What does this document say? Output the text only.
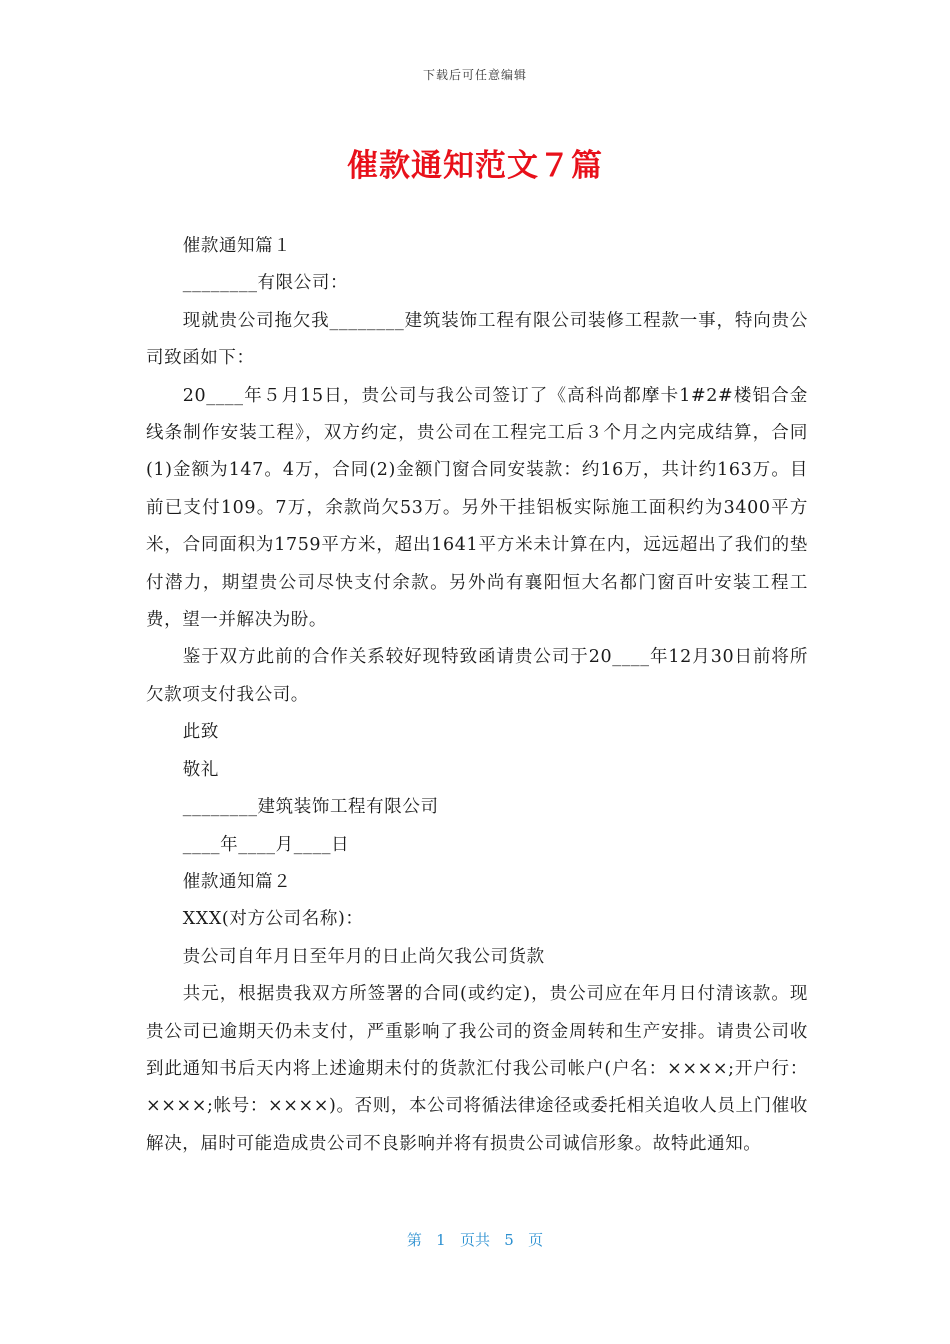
下载后可任意编辑
催款通知范文７篇

催款通知篇１

________有限公司：

现就贵公司拖欠我________建筑装饰工程有限公司装修工程款一事，特向贵公司致函如下：

20____年５月15日，贵公司与我公司签订了《高科尚都摩卡1#2#楼铝合金线条制作安装工程》，双方约定，贵公司在工程完工后３个月之内完成结算，合同(1)金额为147。4万，合同(2)金额门窗合同安装款：约16万，共计约163万。目前已支付109。7万，余款尚欠53万。另外干挂铝板实际施工面积约为3400平方米，合同面积为1759平方米，超出1641平方米未计算在内，远远超出了我们的垫付潜力，期望贵公司尽快支付余款。另外尚有襄阳恒大名都门窗百叶安装工程工费，望一并解决为盼。

鉴于双方此前的合作关系较好现特致函请贵公司于20____年12月30日前将所欠款项支付我公司。

此致

敬礼

________建筑装饰工程有限公司

____年____月____日

催款通知篇２

XXX(对方公司名称)：

贵公司自年月日至年月的日止尚欠我公司货款

共元，根据贵我双方所签署的合同(或约定)，贵公司应在年月日付清该款。现贵公司已逾期天仍未支付，严重影响了我公司的资金周转和生产安排。请贵公司收到此通知书后天内将上述逾期未付的货款汇付我公司帐户(户名：××××;开户行：××××;帐号：××××)。否则，本公司将循法律途径或委托相关追收人员上门催收解决，届时可能造成贵公司不良影响并将有损贵公司诚信形象。故特此通知。

第   1   页共   5   页
